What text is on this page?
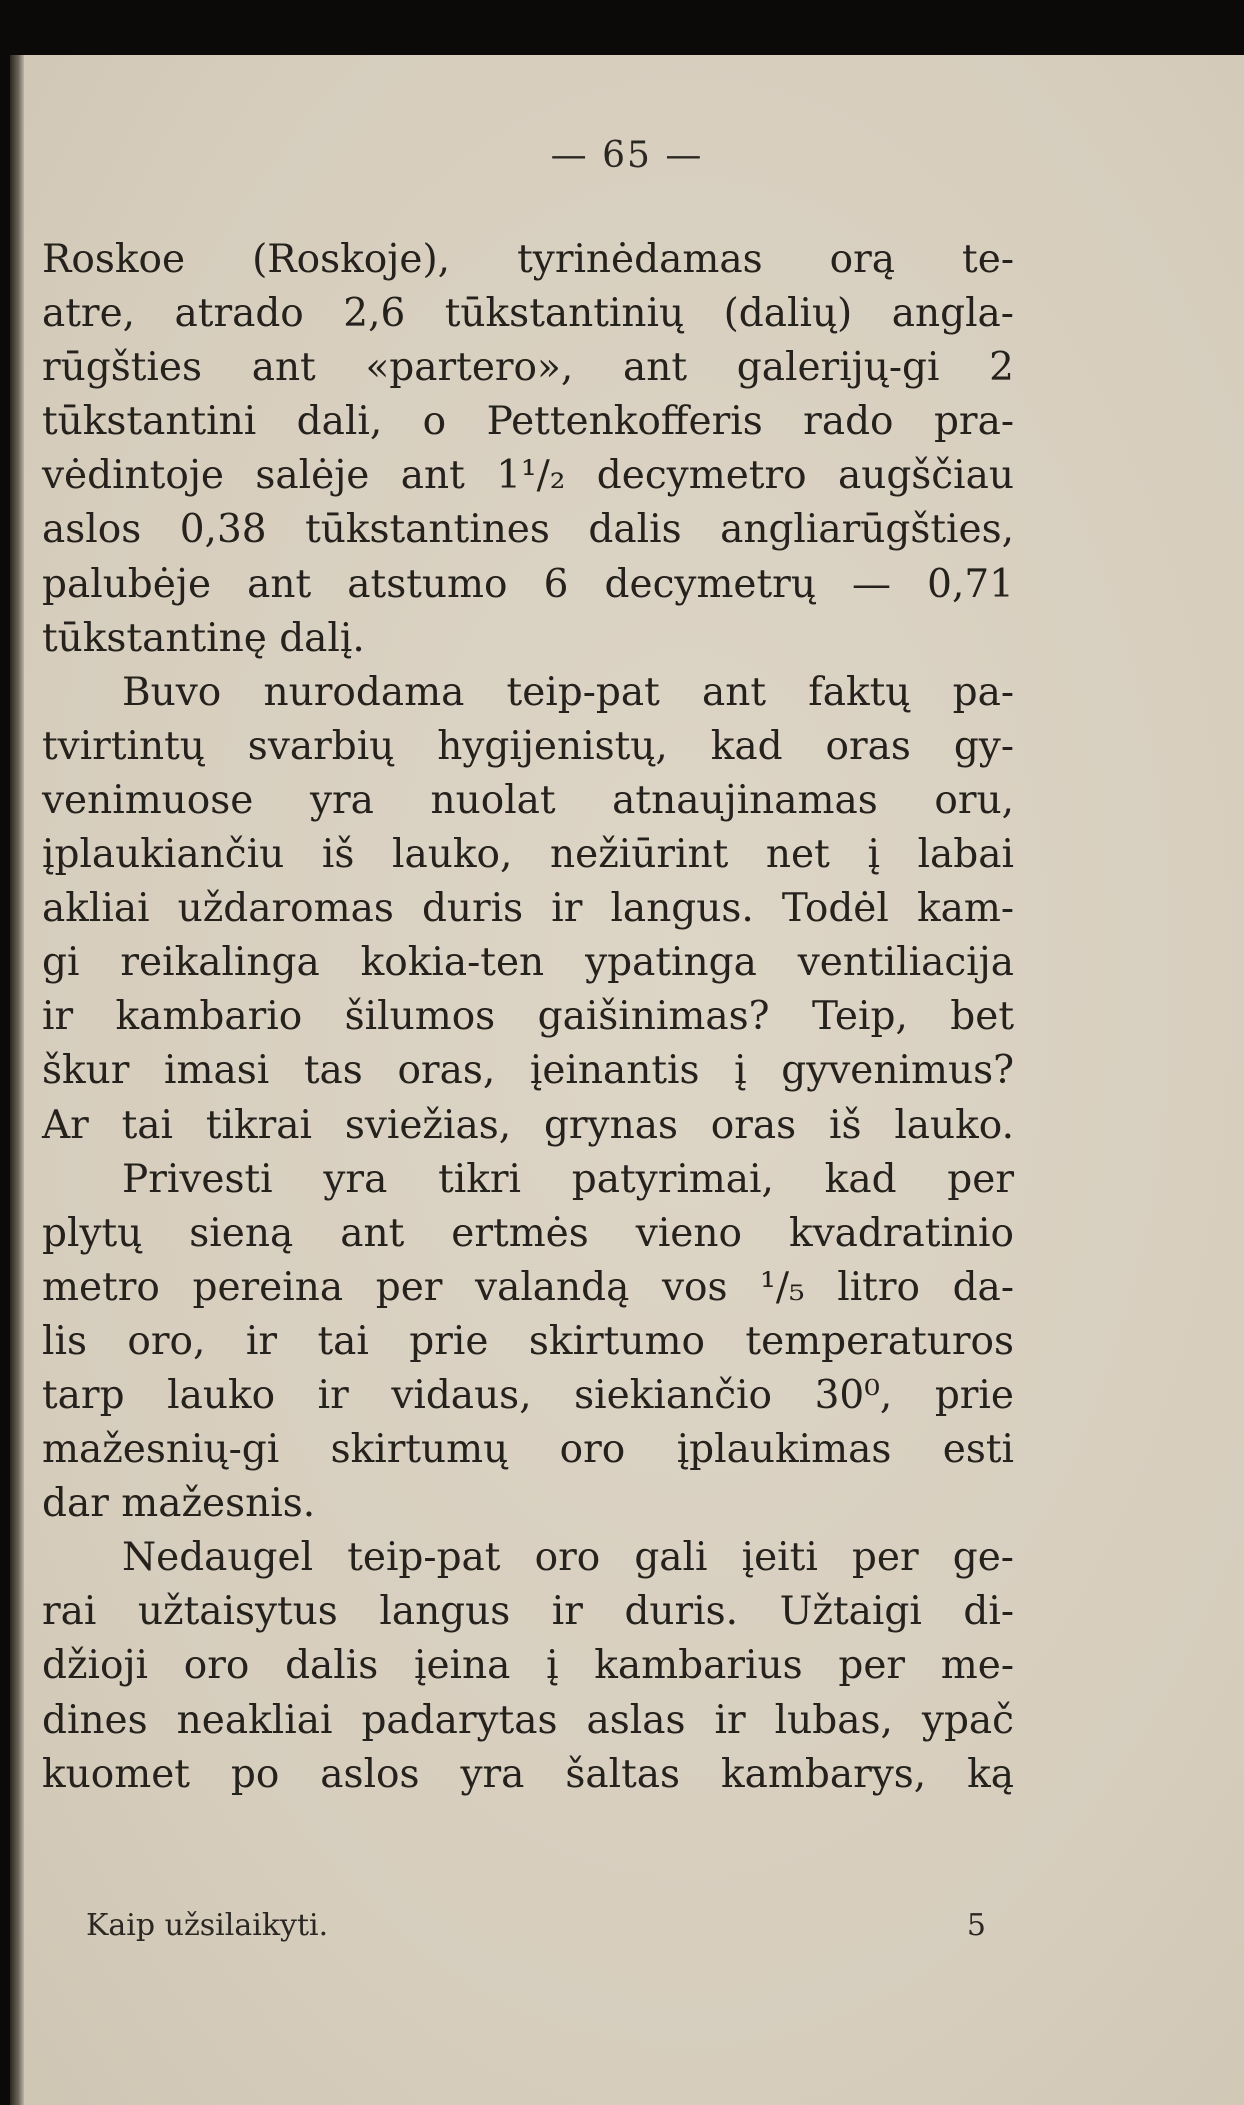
— 65 —
Roskoe (Roskoje), tyrinėdamas orą te-
atre, atrado 2,6 tūkstantinių (dalių) angla-
rūgšties ant «partero», ant galerijų-gi 2
tūkstantini dali, o Pettenkofferis rado pra-
vėdintoje salėje ant 1¹/₂ decymetro augščiau
aslos 0,38 tūkstantines dalis angliarūgšties,
palubėje ant atstumo 6 decymetrų — 0,71
tūkstantinę dalį.
Buvo nurodama teip-pat ant faktų pa-
tvirtintų svarbių hygijenistų, kad oras gy-
venimuose yra nuolat atnaujinamas oru,
įplaukiančiu iš lauko, nežiūrint net į labai
akliai uždaromas duris ir langus. Todėl kam-
gi reikalinga kokia-ten ypatinga ventiliacija
ir kambario šilumos gaišinimas? Teip, bet
škur imasi tas oras, įeinantis į gyvenimus?
Ar tai tikrai sviežias, grynas oras iš lauko.
Privesti yra tikri patyrimai, kad per
plytų sieną ant ertmės vieno kvadratinio
metro pereina per valandą vos ¹/₅ litro da-
lis oro, ir tai prie skirtumo temperaturos
tarp lauko ir vidaus, siekiančio 30⁰, prie
mažesnių-gi skirtumų oro įplaukimas esti
dar mažesnis.
Nedaugel teip-pat oro gali įeiti per ge-
rai užtaisytus langus ir duris. Užtaigi di-
džioji oro dalis įeina į kambarius per me-
dines neakliai padarytas aslas ir lubas, ypač
kuomet po aslos yra šaltas kambarys, ką
Kaip užsilaikyti.	5
